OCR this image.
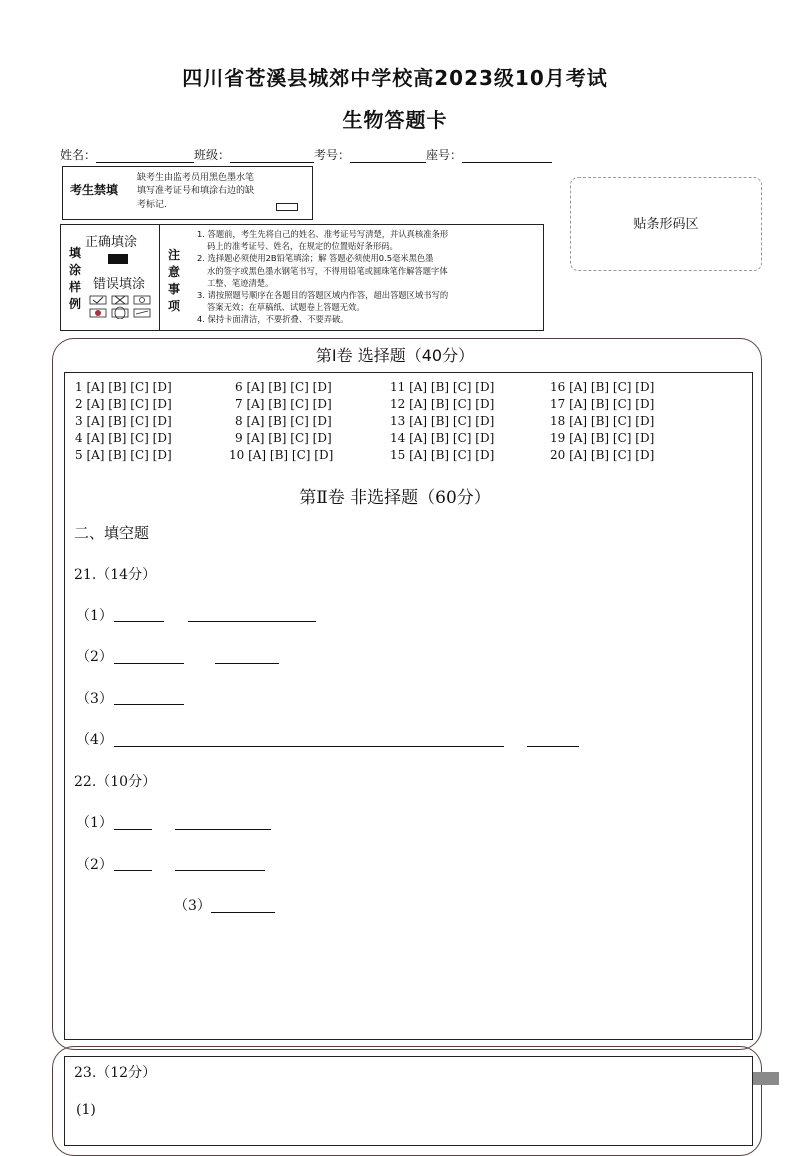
四川省苍溪县城郊中学校高2023级10月考试
生物答题卡
姓名：	班级：	考号：	座号：
考生禁填
缺考生由监考员用黑色墨水笔
填写准考证号和填涂右边的缺
考标记.
贴条形码区
填
涂
样
例
正确填涂
错误填涂
注
意
事
项
1. 答题前，考生先将自己的姓名、准考证号写清楚，并认真核准条形
码上的准考证号、姓名，在规定的位置贴好条形码。
2. 选择题必须使用2B铅笔填涂；解 答题必须使用0.5毫米黑色墨
水的签字或黑色墨水钢笔书写，不得用铅笔或圆珠笔作解答题字体
工整、笔迹清楚。
3. 请按照题号顺序在各题目的答题区域内作答，超出答题区域书写的
答案无效；在草稿纸、试题卷上答题无效。
4. 保持卡面清洁，不要折叠、不要弄破。
第Ⅰ卷 选择题（40分）
1 [A] [B] [C] [D]
2 [A] [B] [C] [D]
3 [A] [B] [C] [D]
4 [A] [B] [C] [D]
5 [A] [B] [C] [D]
6 [A] [B] [C] [D]
7 [A] [B] [C] [D]
8 [A] [B] [C] [D]
9 [A] [B] [C] [D]
10 [A] [B] [C] [D]
11 [A] [B] [C] [D]
12 [A] [B] [C] [D]
13 [A] [B] [C] [D]
14 [A] [B] [C] [D]
15 [A] [B] [C] [D]
16 [A] [B] [C] [D]
17 [A] [B] [C] [D]
18 [A] [B] [C] [D]
19 [A] [B] [C] [D]
20 [A] [B] [C] [D]
第Ⅱ卷 非选择题（60分）
二、填空题
21.（14分）
（1）
（2）
（3）
（4）
22.（10分）
（1）
（2）
（3）
23.（12分）
(1)
